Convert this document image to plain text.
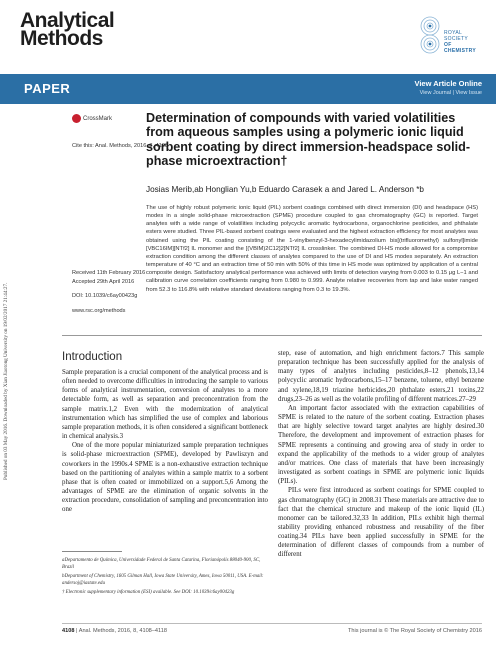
Analytical
Methods	ROYAL SOCIETY
OF CHEMISTRY
PAPER	View Article Online
View Journal | View Issue
Published on 03 May 2016. Downloaded by Xian Jiaotong University on 19/02/2017 21:44:27.
CrossMark
Cite this: Anal. Methods, 2016, 8, 4108
Determination of compounds with varied volatilities from aqueous samples using a polymeric ionic liquid sorbent coating by direct immersion-headspace solid-phase microextraction†
Josias Merib,ab Honglian Yu,b Eduardo Carasek a and Jared L. Anderson *b
The use of highly robust polymeric ionic liquid (PIL) sorbent coatings combined with direct immersion (DI) and headspace (HS) modes in a single solid-phase microextraction (SPME) procedure coupled to gas chromatography (GC) is reported. Target analytes with a wide range of volatilities including polycyclic aromatic hydrocarbons, organochlorine pesticides, and phthalate esters were studied. Three PIL-based sorbent coatings were evaluated and the highest extraction efficiency for most analytes was obtained using the PIL coating consisting of the 1-vinylbenzyl-3-hexadecylimidazolium bis[(trifluoromethyl) sulfonyl]imide [VBC16IM][NTf2] IL monomer and the [(VBIM)2C12]2[NTf2] IL crosslinker. The combined DI-HS mode allowed for a compromise extraction condition among the different classes of analytes compared to the use of DI and HS modes separately. An extraction temperature of 40 °C and an extraction time of 50 min with 50% of this time in HS mode was optimized by application of a central composite design. Satisfactory analytical performance was achieved with limits of detection varying from 0.003 to 0.15 μg L−1 and calibration curve correlation coefficients ranging from 0.980 to 0.999. Analyte relative recoveries from tap and lake water ranged from 52.3 to 116.8% with relative standard deviations ranging from 0.3 to 19.3%.
Received 11th February 2016
Accepted 29th April 2016
DOI: 10.1039/c6ay00423g
www.rsc.org/methods
Introduction

Sample preparation is a crucial component of the analytical process and is often needed to overcome difficulties in introducing the sample to various forms of analytical instrumentation, conversion of analytes to a more detectable form, as well as separation and preconcentration from the sample matrix.1,2 Even with the modernization of analytical instrumentation which has simplified the use of complex and laborious sample preparation methods, it is often considered a significant bottleneck in chemical analysis.3

One of the more popular miniaturized sample preparation techniques is solid-phase microextraction (SPME), developed by Pawliszyn and coworkers in the 1990s.4 SPME is a non-exhaustive extraction technique based on the partitioning of analytes within a sample matrix to a sorbent phase that is often coated or immobilized on a support.5,6 Among the advantages of SPME are the elimination of organic solvents in the extraction procedure, consolidation of sampling and preconcentration into one

step, ease of automation, and high enrichment factors.7 This sample preparation technique has been successfully applied for the analysis of many types of analytes including pesticides,8–12 phenols,13,14 polycyclic aromatic hydrocarbons,15–17 benzene, toluene, ethyl benzene and xylene,18,19 triazine herbicides,20 phthalate esters,21 toxins,22 drugs,23–26 as well as the volatile profiling of different matrices.27–29

An important factor associated with the extraction capabilities of SPME is related to the nature of the sorbent coating. Extraction phases that are highly selective toward target analytes are highly desired.30 Therefore, the development and improvement of extraction phases for SPME represents a continuing and growing area of study in order to expand the applicability of the methods to a wider group of analytes and/or matrices. One class of materials that have been increasingly investigated as sorbent coatings in SPME are polymeric ionic liquids (PILs).

PILs were first introduced as sorbent coatings for SPME coupled to gas chromatography (GC) in 2008.31 These materials are attractive due to fact that the chemical structure and makeup of the ionic liquid (IL) monomer can be tailored.32,33 In addition, PILs exhibit high thermal stability providing enhanced robustness and reusability of the fiber coating.34 PILs have been applied successfully in SPME for the determination of different classes of compounds from a number of different

aDepartamento de Química, Universidade Federal de Santa Catarina, Florianópolis 88040-900, SC, Brazil

bDepartment of Chemistry, 1605 Gilman Hall, Iowa State University, Ames, Iowa 50011, USA. E-mail: andersoj@iastate.edu

† Electronic supplementary information (ESI) available. See DOI: 10.1039/c6ay00423g

4108 | Anal. Methods, 2016, 8, 4108–4118	This journal is © The Royal Society of Chemistry 2016
